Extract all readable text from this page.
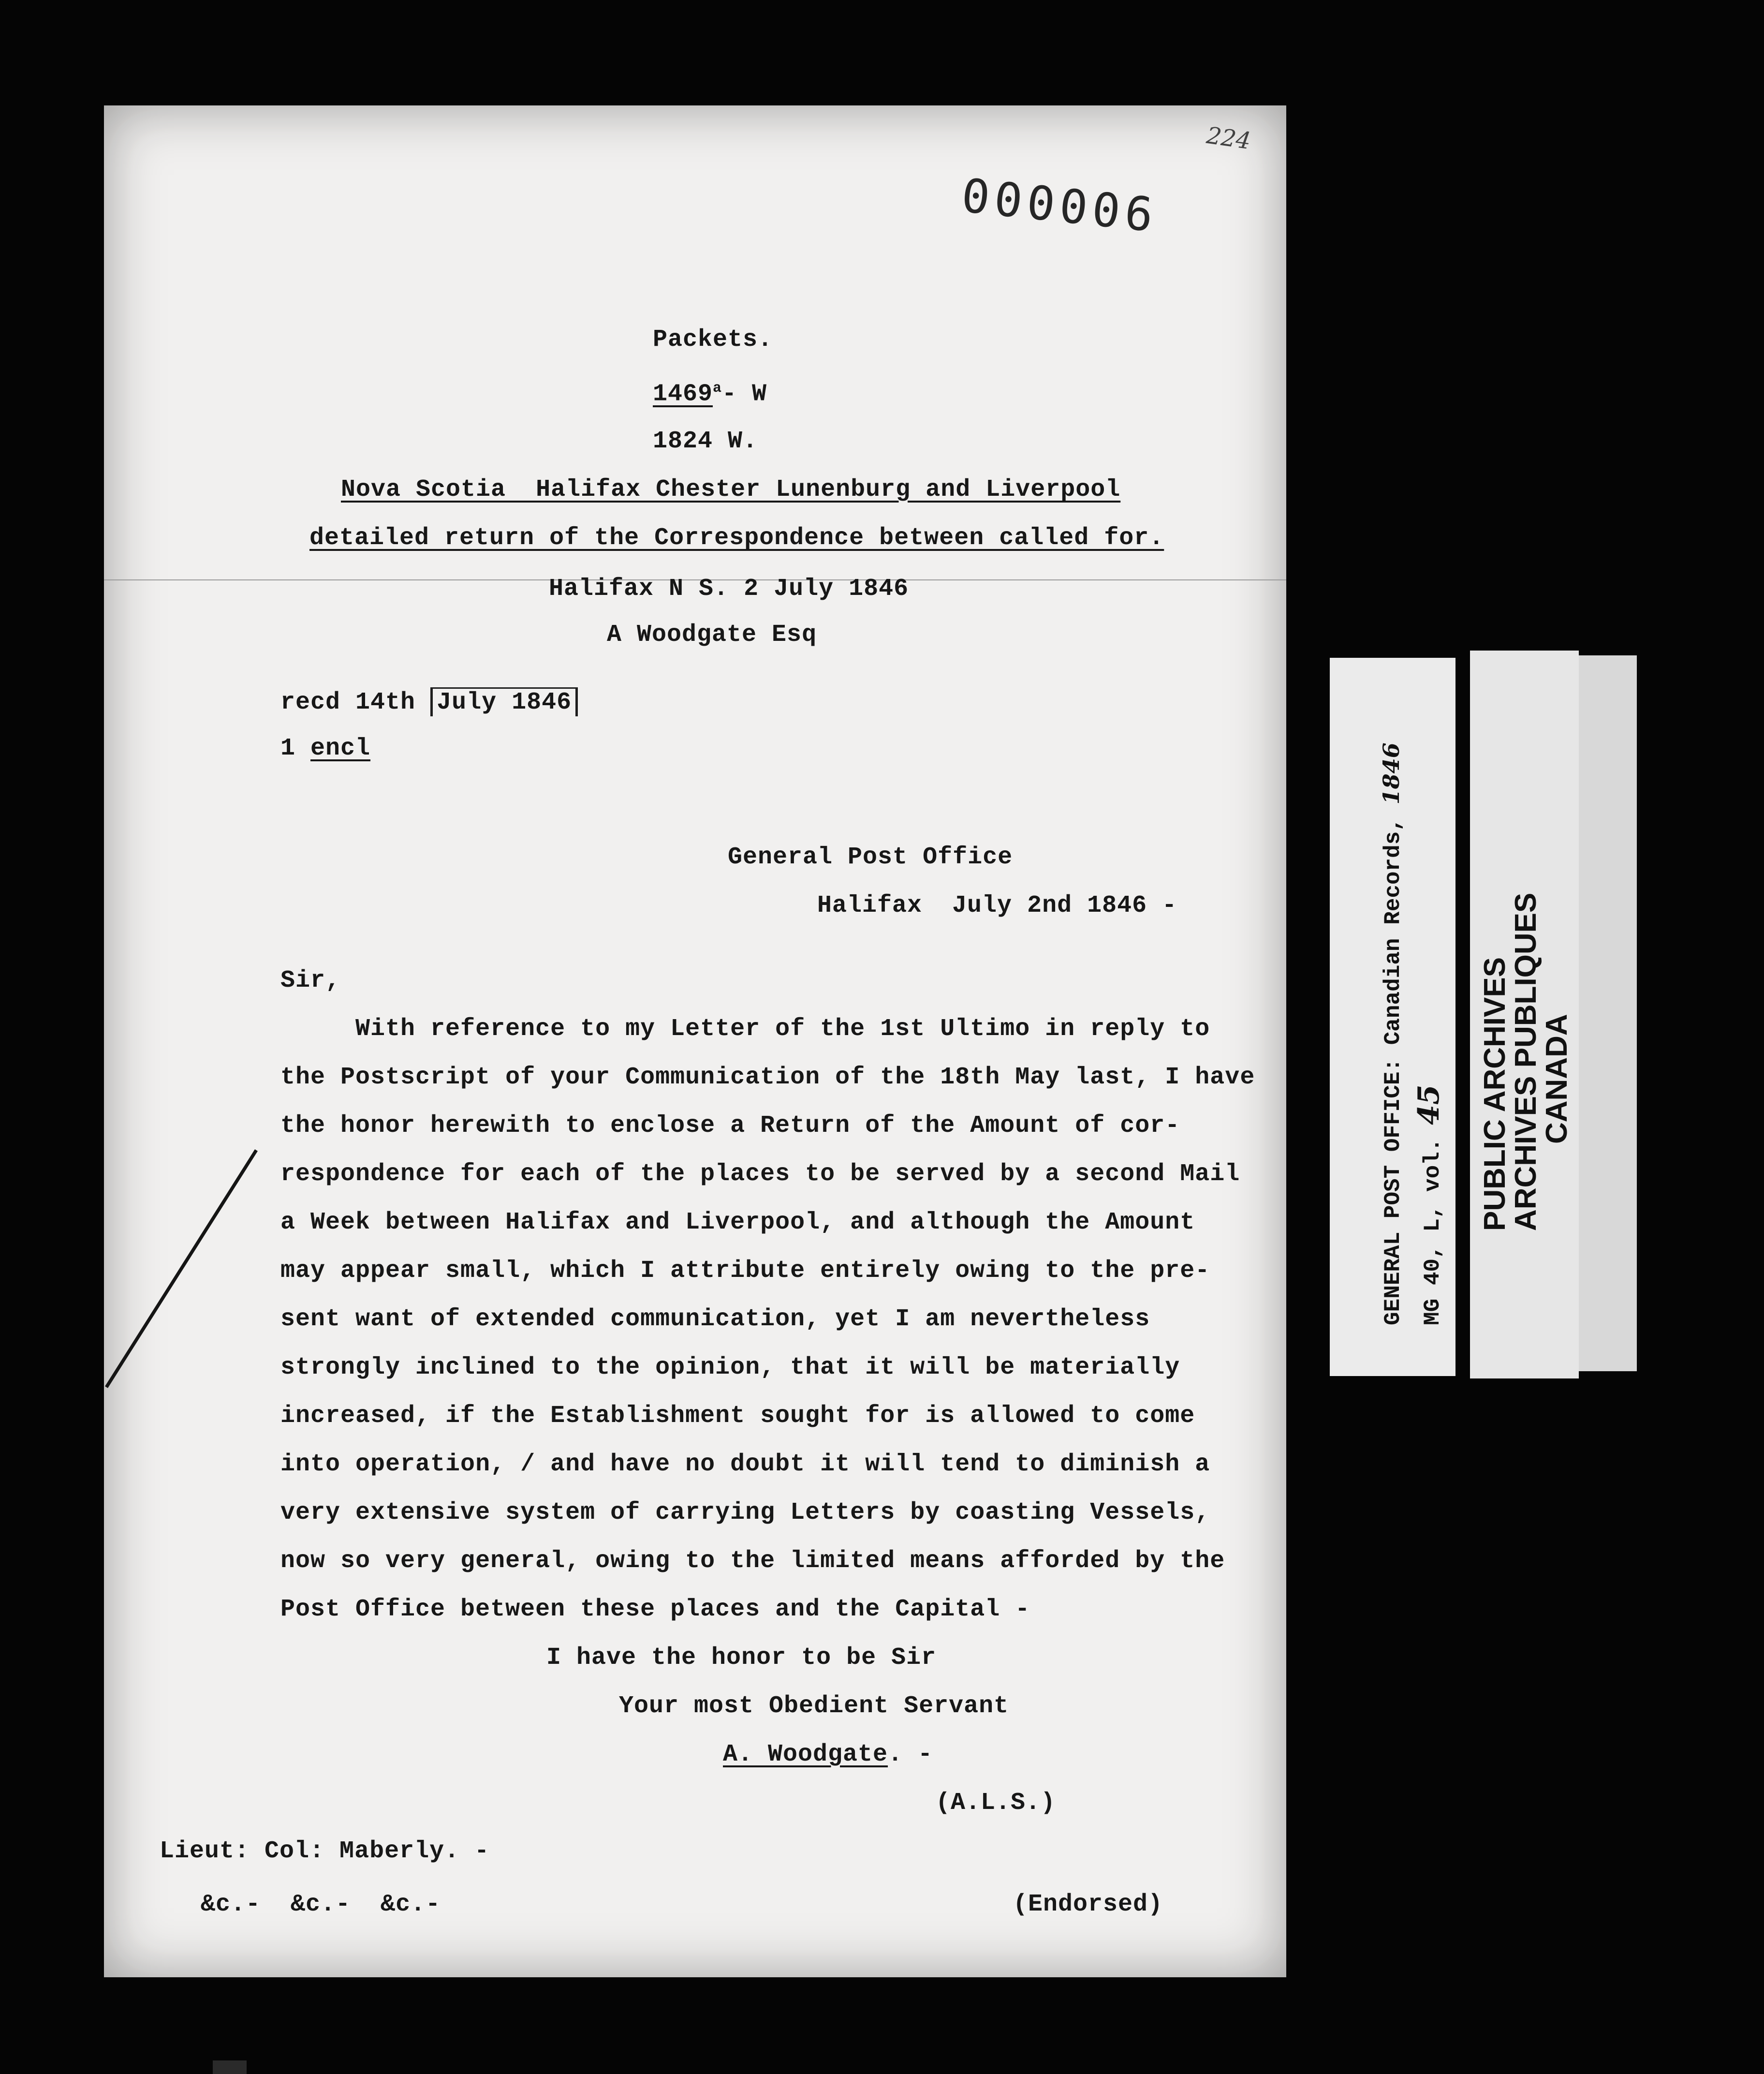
224
000006
Packets.
1469$^a$- W
1824 W.
Nova Scotia  Halifax Chester Lunenburg and Liverpool
detailed return of the Correspondence between called for.
Halifax N S. 2 July 1846
A Woodgate Esq
recd 14th July 1846
1 encl
General Post Office
Halifax  July 2nd 1846 -
Sir,
With reference to my Letter of the 1st Ultimo in reply to
the Postscript of your Communication of the 18th May last, I have
the honor herewith to enclose a Return of the Amount of cor-
respondence for each of the places to be served by a second Mail
a Week between Halifax and Liverpool, and although the Amount
may appear small, which I attribute entirely owing to the pre-
sent want of extended communication, yet I am nevertheless
strongly inclined to the opinion, that it will be materially
increased, if the Establishment sought for is allowed to come
into operation, / and have no doubt it will tend to diminish a
very extensive system of carrying Letters by coasting Vessels,
now so very general, owing to the limited means afforded by the
Post Office between these places and the Capital -
I have the honor to be Sir
Your most Obedient Servant
A. Woodgate. -
(A.L.S.)
Lieut: Col: Maberly. -
&c.-  &c.-  &c.-	(Endorsed)
GENERAL POST OFFICE: Canadian Records, 1846
MG 40, L, vol. 45 PUBLIC ARCHIVES
ARCHIVES PUBLIQUES
CANADA
